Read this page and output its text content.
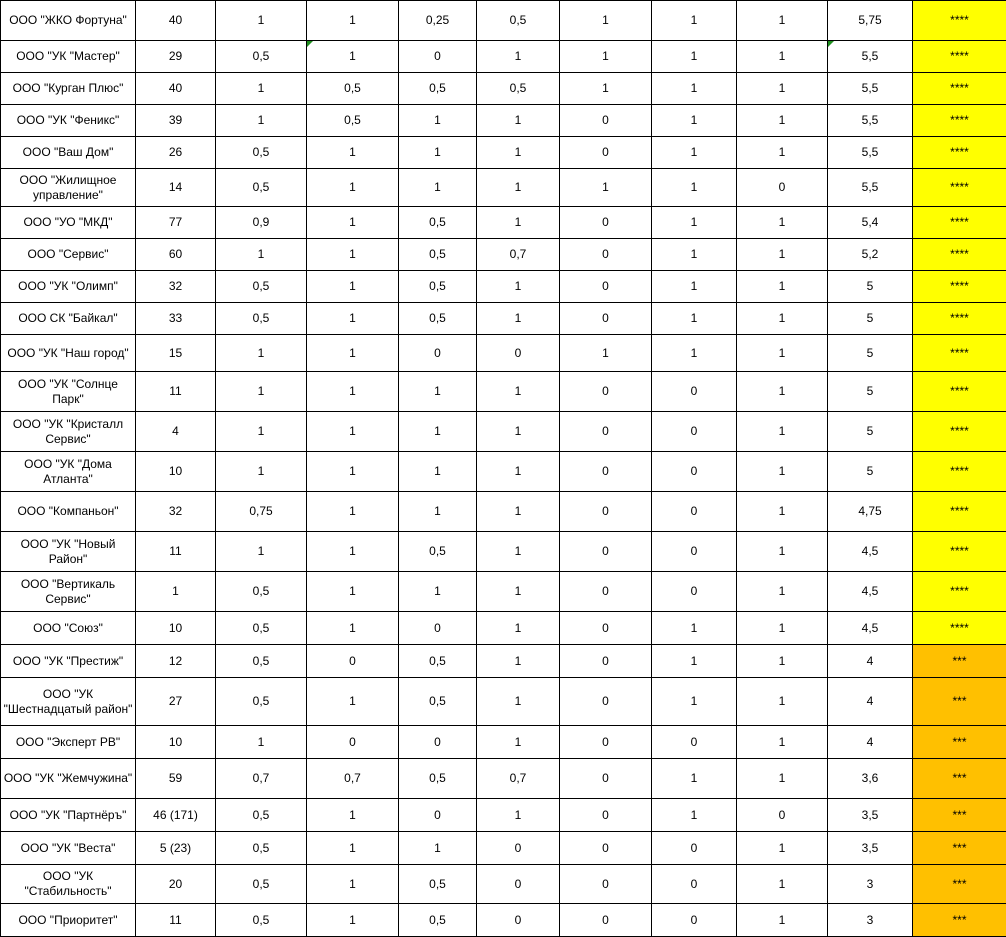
ООО "ЖКО Фортуна"	40	1	1	0,25	0,5	1	1	1	5,75	****
ООО "УК "Мастер"	29	0,5	1	0	1	1	1	1	5,5	****
ООО "Курган Плюс"	40	1	0,5	0,5	0,5	1	1	1	5,5	****
ООО "УК "Феникс"	39	1	0,5	1	1	0	1	1	5,5	****
ООО "Ваш Дом"	26	0,5	1	1	1	0	1	1	5,5	****
ООО "Жилищное управление"	14	0,5	1	1	1	1	1	0	5,5	****
ООО "УО "МКД"	77	0,9	1	0,5	1	0	1	1	5,4	****
ООО "Сервис"	60	1	1	0,5	0,7	0	1	1	5,2	****
ООО "УК "Олимп"	32	0,5	1	0,5	1	0	1	1	5	****
ООО СК "Байкал"	33	0,5	1	0,5	1	0	1	1	5	****
ООО "УК "Наш город"	15	1	1	0	0	1	1	1	5	****
ООО "УК "Солнце Парк"	11	1	1	1	1	0	0	1	5	****
ООО "УК "Кристалл Сервис"	4	1	1	1	1	0	0	1	5	****
ООО "УК "Дома Атланта"	10	1	1	1	1	0	0	1	5	****
ООО "Компаньон"	32	0,75	1	1	1	0	0	1	4,75	****
ООО "УК "Новый Район"	11	1	1	0,5	1	0	0	1	4,5	****
ООО "Вертикаль Сервис"	1	0,5	1	1	1	0	0	1	4,5	****
ООО "Союз"	10	0,5	1	0	1	0	1	1	4,5	****
ООО "УК "Престиж"	12	0,5	0	0,5	1	0	1	1	4	***
ООО "УК "Шестнадцатый район"	27	0,5	1	0,5	1	0	1	1	4	***
ООО "Эксперт РВ"	10	1	0	0	1	0	0	1	4	***
ООО "УК "Жемчужина"	59	0,7	0,7	0,5	0,7	0	1	1	3,6	***
ООО "УК "Партнёръ"	46 (171)	0,5	1	0	1	0	1	0	3,5	***
ООО "УК "Веста"	5 (23)	0,5	1	1	0	0	0	1	3,5	***
ООО "УК "Стабильность"	20	0,5	1	0,5	0	0	0	1	3	***
ООО "Приоритет"	11	0,5	1	0,5	0	0	0	1	3	***
